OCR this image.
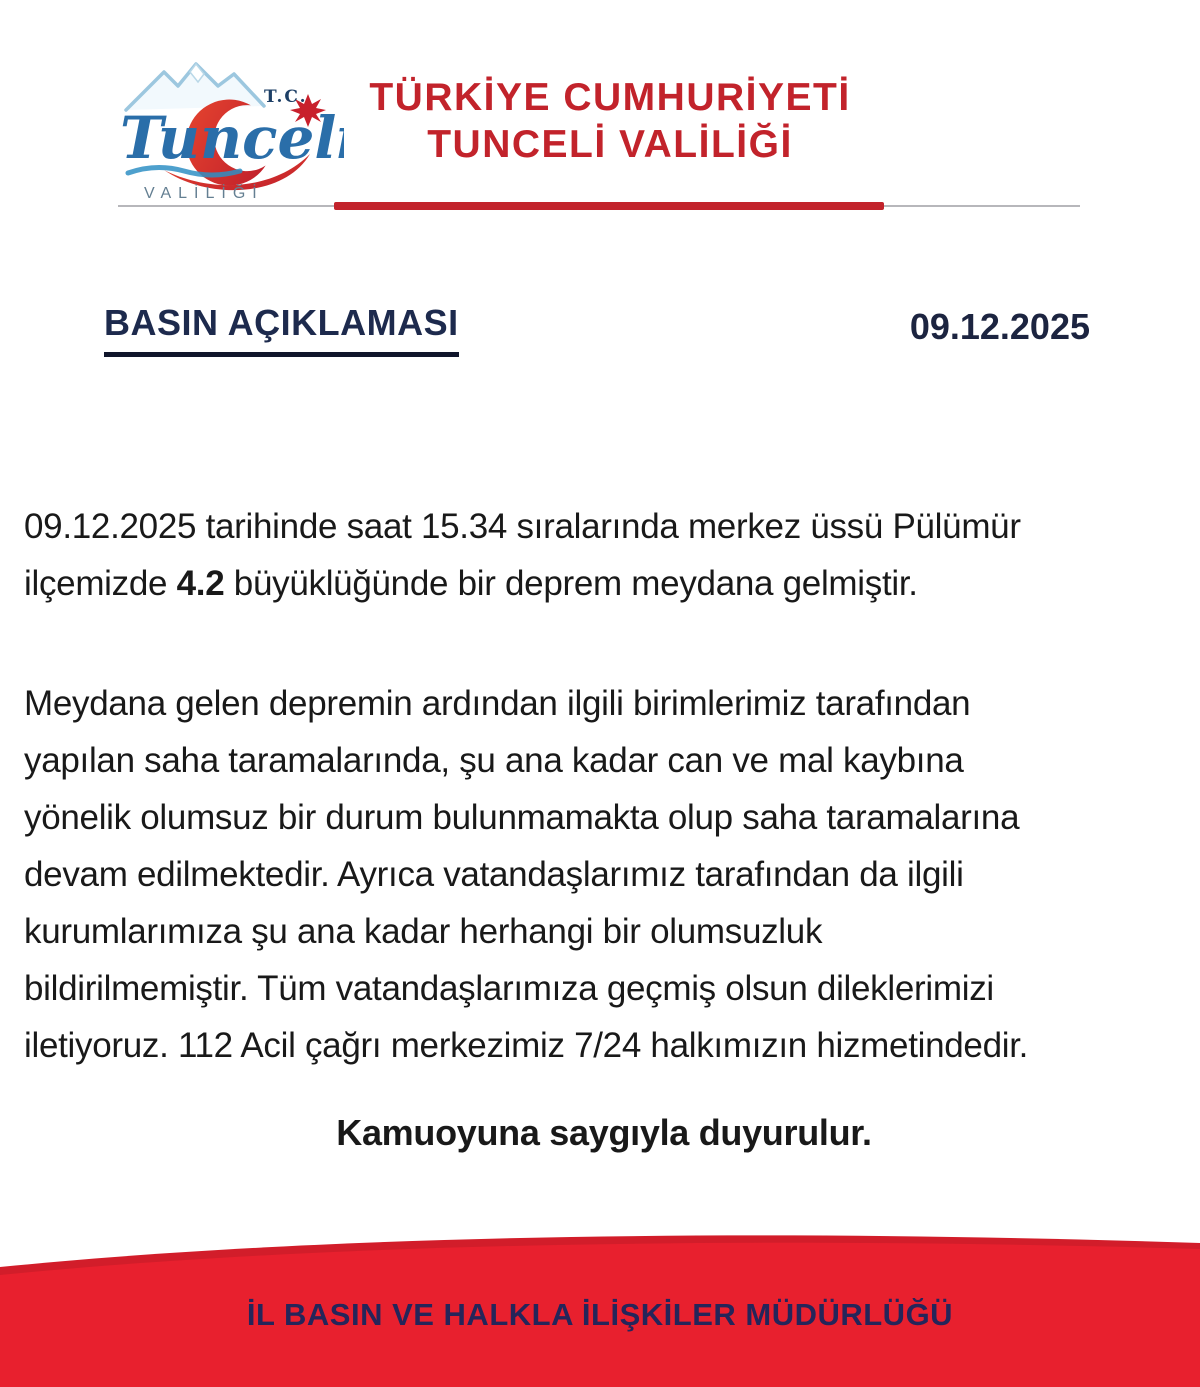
T.C.
Tunceli
VALİLİĞİ
TÜRKİYE CUMHURİYETİ
TUNCELİ VALİLİĞİ
BASIN AÇIKLAMASI	09.12.2025
09.12.2025 tarihinde saat 15.34 sıralarında merkez üssü Pülümür
ilçemizde 4.2 büyüklüğünde bir deprem meydana gelmiştir.
Meydana gelen depremin ardından ilgili birimlerimiz tarafından
yapılan saha taramalarında, şu ana kadar can ve mal kaybına
yönelik olumsuz bir durum bulunmamakta olup saha taramalarına
devam edilmektedir. Ayrıca vatandaşlarımız tarafından da ilgili
kurumlarımıza şu ana kadar herhangi bir olumsuzluk
bildirilmemiştir. Tüm vatandaşlarımıza geçmiş olsun dileklerimizi
iletiyoruz. 112 Acil çağrı merkezimiz 7/24 halkımızın hizmetindedir.
Kamuoyuna saygıyla duyurulur.
İL BASIN VE HALKLA İLİŞKİLER MÜDÜRLÜĞÜ
